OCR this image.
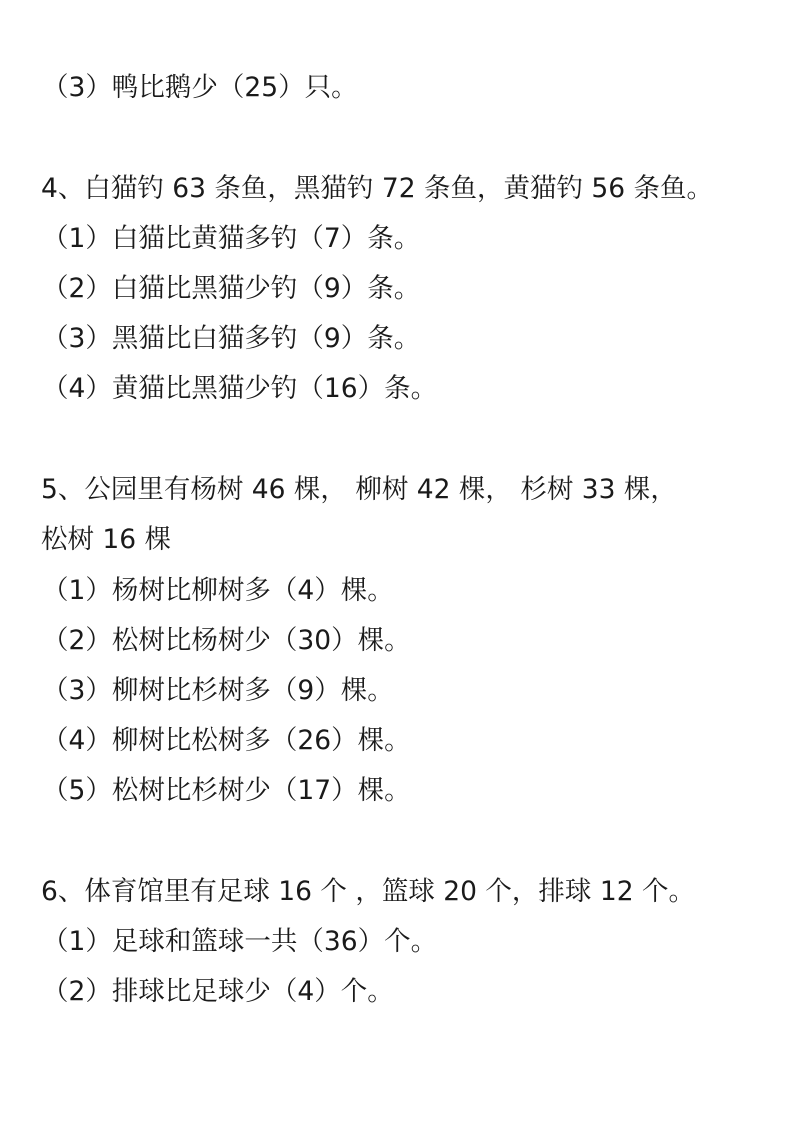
（3）鸭比鹅少（25）只。
4、白猫钓 63 条鱼，黑猫钓 72 条鱼，黄猫钓 56 条鱼。
（1）白猫比黄猫多钓（7）条。
（2）白猫比黑猫少钓（9）条。
（3）黑猫比白猫多钓（9）条。
（4）黄猫比黑猫少钓（16）条。
5、公园里有杨树 46 棵， 柳树 42 棵， 杉树 33 棵，
松树 16 棵
（1）杨树比柳树多（4）棵。
（2）松树比杨树少（30）棵。
（3）柳树比杉树多（9）棵。
（4）柳树比松树多（26）棵。
（5）松树比杉树少（17）棵。
6、体育馆里有足球 16 个 ，篮球 20 个，排球 12 个。
（1）足球和篮球一共（36）个。
（2）排球比足球少（4）个。
